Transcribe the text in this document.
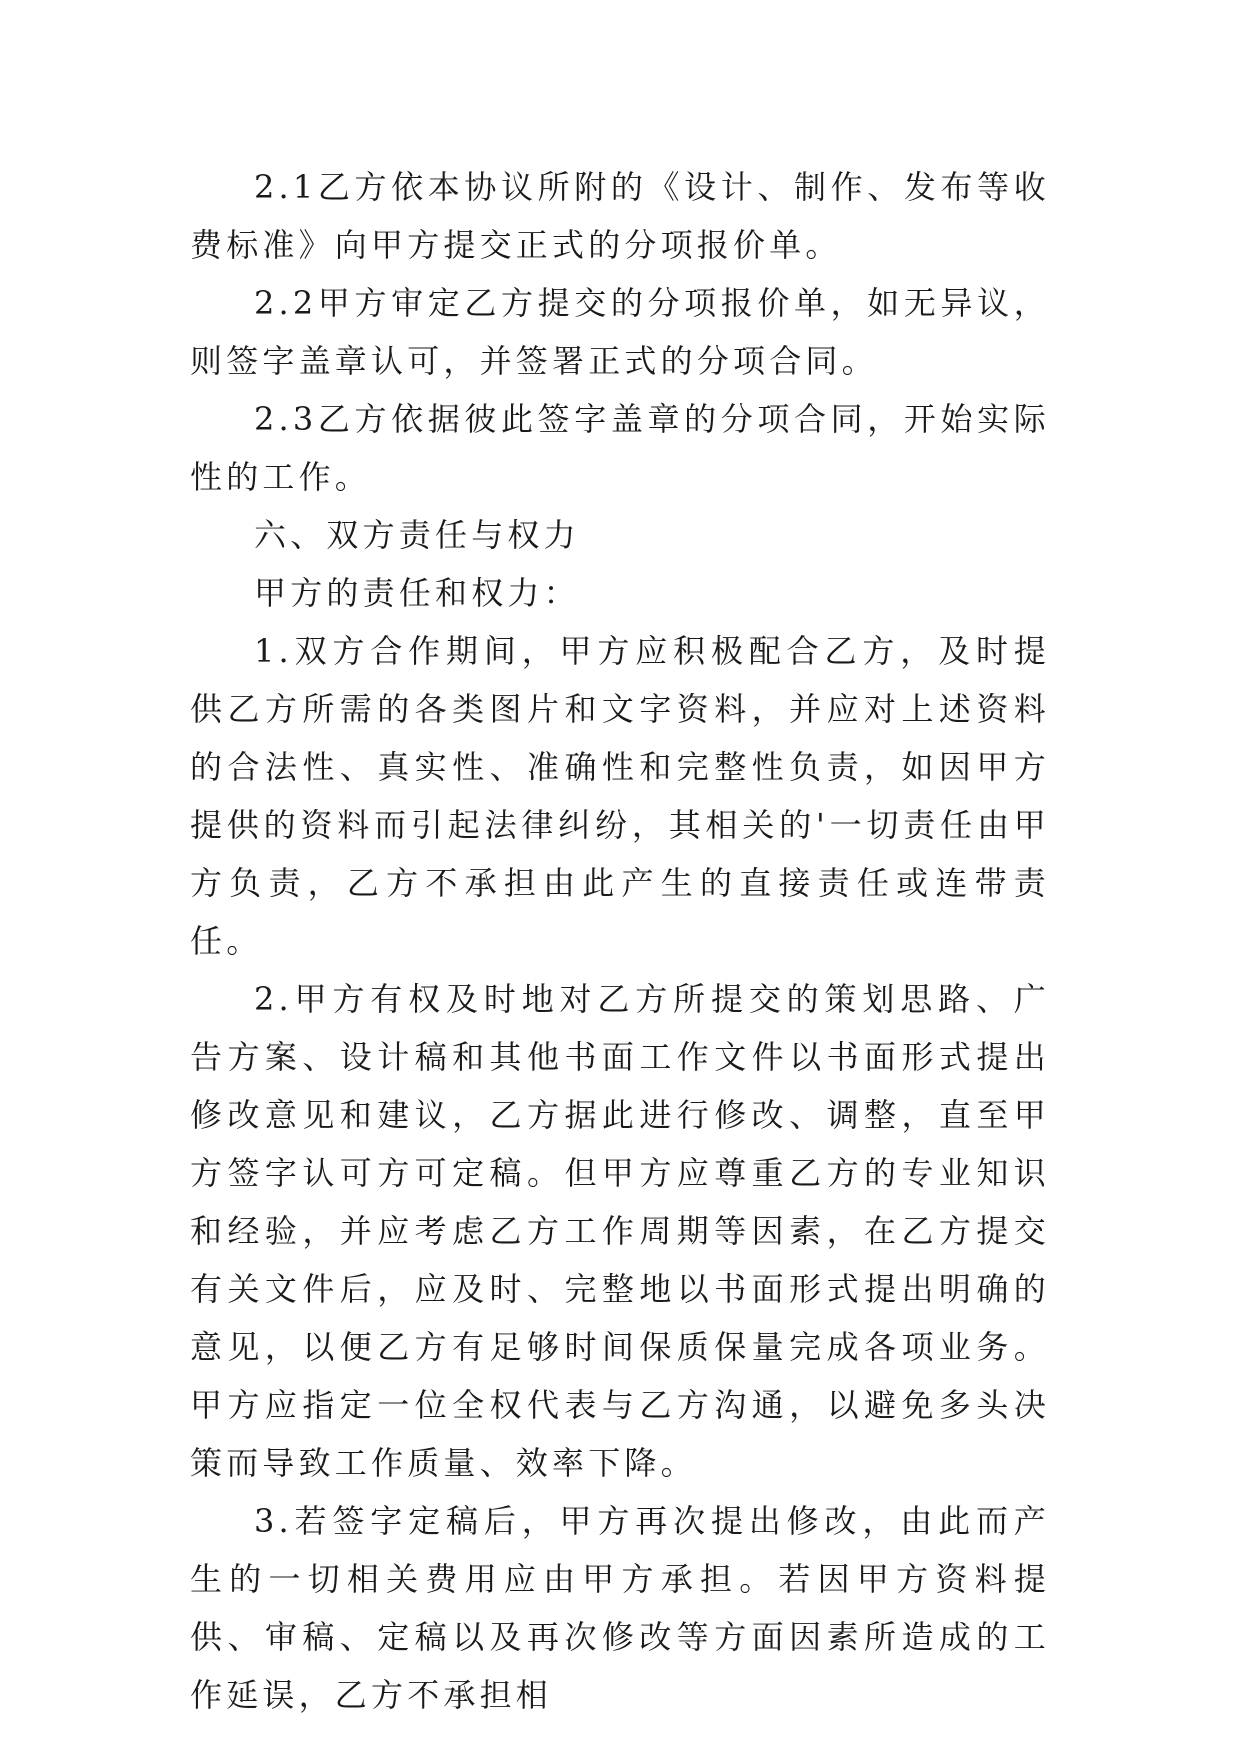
2.1乙方依本协议所附的《设计、制作、发布等收费标准》向甲方提交正式的分项报价单。

2.2甲方审定乙方提交的分项报价单，如无异议，则签字盖章认可，并签署正式的分项合同。

2.3乙方依据彼此签字盖章的分项合同，开始实际性的工作。

六、双方责任与权力

甲方的责任和权力：

1.双方合作期间，甲方应积极配合乙方，及时提供乙方所需的各类图片和文字资料，并应对上述资料的合法性、真实性、准确性和完整性负责，如因甲方提供的资料而引起法律纠纷，其相关的'一切责任由甲方负责，乙方不承担由此产生的直接责任或连带责任。

2.甲方有权及时地对乙方所提交的策划思路、广告方案、设计稿和其他书面工作文件以书面形式提出修改意见和建议，乙方据此进行修改、调整，直至甲方签字认可方可定稿。但甲方应尊重乙方的专业知识和经验，并应考虑乙方工作周期等因素，在乙方提交有关文件后，应及时、完整地以书面形式提出明确的意见，以便乙方有足够时间保质保量完成各项业务。甲方应指定一位全权代表与乙方沟通，以避免多头决策而导致工作质量、效率下降。

3.若签字定稿后，甲方再次提出修改，由此而产生的一切相关费用应由甲方承担。若因甲方资料提供、审稿、定稿以及再次修改等方面因素所造成的工作延误，乙方不承担相
